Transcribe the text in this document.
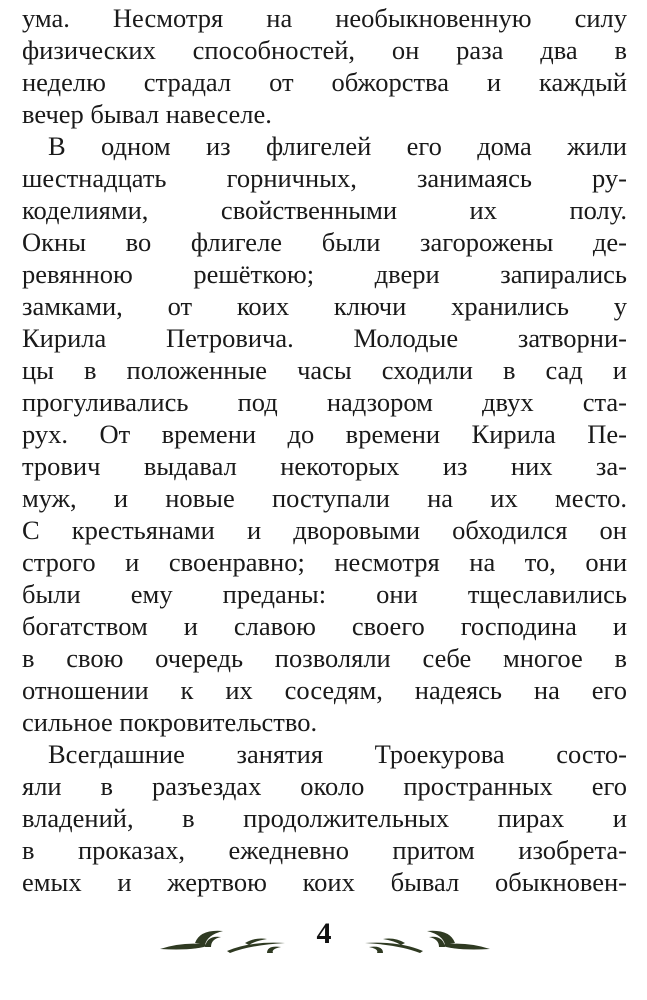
ума. Несмотря на необыкновенную силу
физических способностей, он раза два в
неделю страдал от обжорства и каждый
вечер бывал навеселе.
В одном из флигелей его дома жили
шестнадцать горничных, занимаясь ру-
коделиями, свойственными их полу.
Окны во флигеле были загорожены де-
ревянною решёткою; двери запирались
замками, от коих ключи хранились у
Кирила Петровича. Молодые затворни-
цы в положенные часы сходили в сад и
прогуливались под надзором двух ста-
рух. От времени до времени Кирила Пе-
трович выдавал некоторых из них за-
муж, и новые поступали на их место.
С крестьянами и дворовыми обходился он
строго и своенравно; несмотря на то, они
были ему преданы: они тщеславились
богатством и славою своего господина и
в свою очередь позволяли себе многое в
отношении к их соседям, надеясь на его
сильное покровительство.
Всегдашние занятия Троекурова состо-
яли в разъездах около пространных его
владений, в продолжительных пирах и
в проказах, ежедневно притом изобрета-
емых и жертвою коих бывал обыкновен-
4
